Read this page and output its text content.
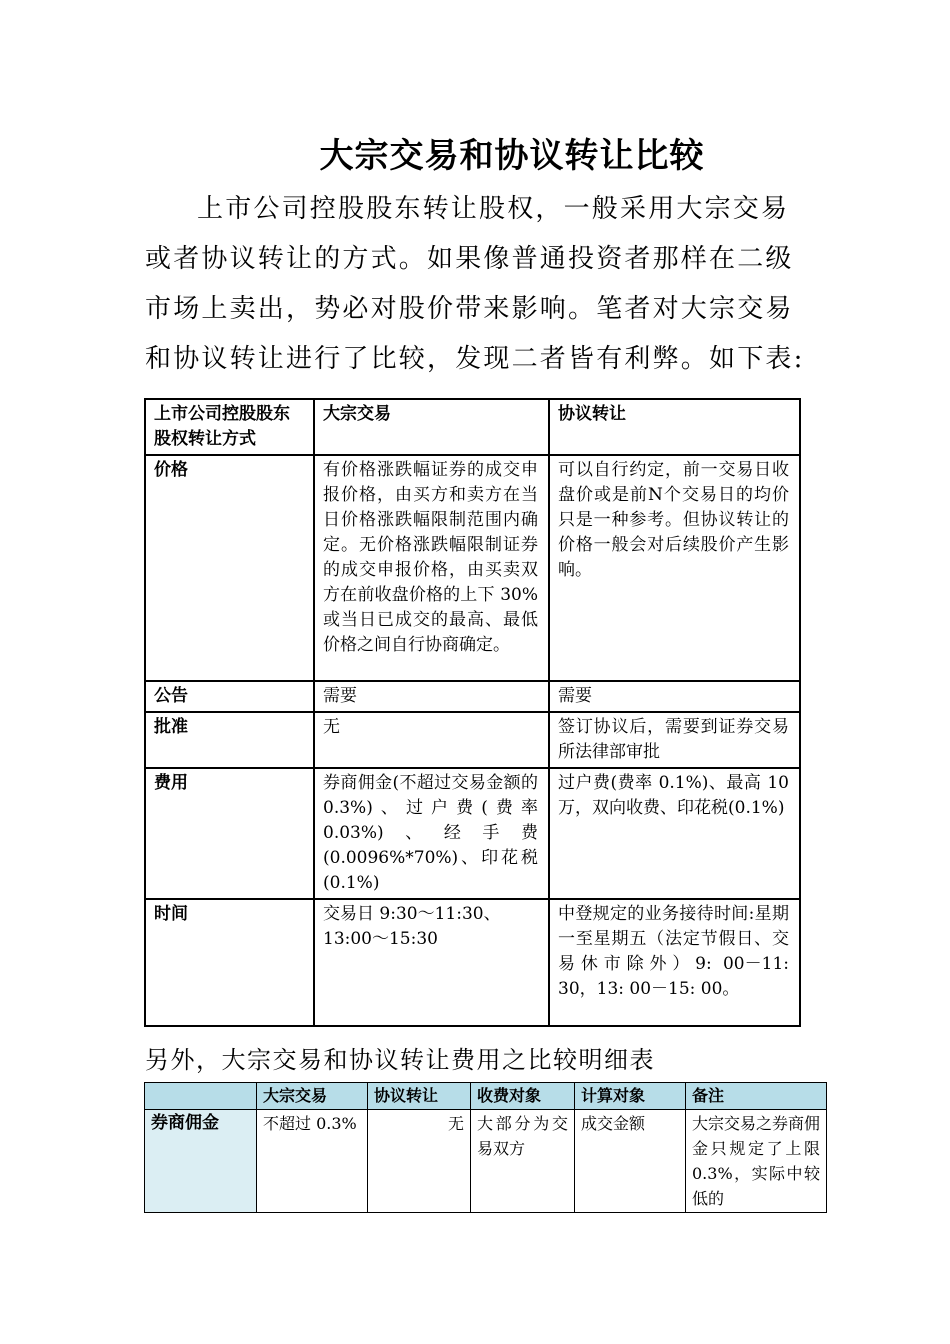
大宗交易和协议转让比较
上市公司控股股东转让股权，一般采用大宗交易或者协议转让的方式。如果像普通投资者那样在二级市场上卖出，势必对股价带来影响。笔者对大宗交易和协议转让进行了比较，发现二者皆有利弊。如下表:
上市公司控股股东股权转让方式	大宗交易	协议转让
价格	有价格涨跌幅证券的成交申报价格，由买方和卖方在当日价格涨跌幅限制范围内确定。无价格涨跌幅限制证券的成交申报价格，由买卖双方在前收盘价格的上下 30%或当日已成交的最高、最低价格之间自行协商确定。	可以自行约定，前一交易日收盘价或是前N个交易日的均价只是一种参考。但协议转让的价格一般会对后续股价产生影响。
公告	需要	需要
批准	无	签订协议后，需要到证券交易所法律部审批
费用	券商佣金(不超过交易金额的 0.3%)、过户费(费率 0.03%)、经手费(0.0096%*70%)、印花税(0.1%)	过户费(费率 0.1%)、最高 10万，双向收费、印花税(0.1%)
时间	交易日 9:30～11:30、13:00～15:30	中登规定的业务接待时间:星期一至星期五（法定节假日、交易休市除外）9: 00－11: 30，13: 00－15: 00。
另外，大宗交易和协议转让费用之比较明细表
	大宗交易	协议转让	收费对象	计算对象	备注
券商佣金	不超过 0.3%	无	大部分为交易双方	成交金额	大宗交易之券商佣金只规定了上限 0.3%，实际中较低的
